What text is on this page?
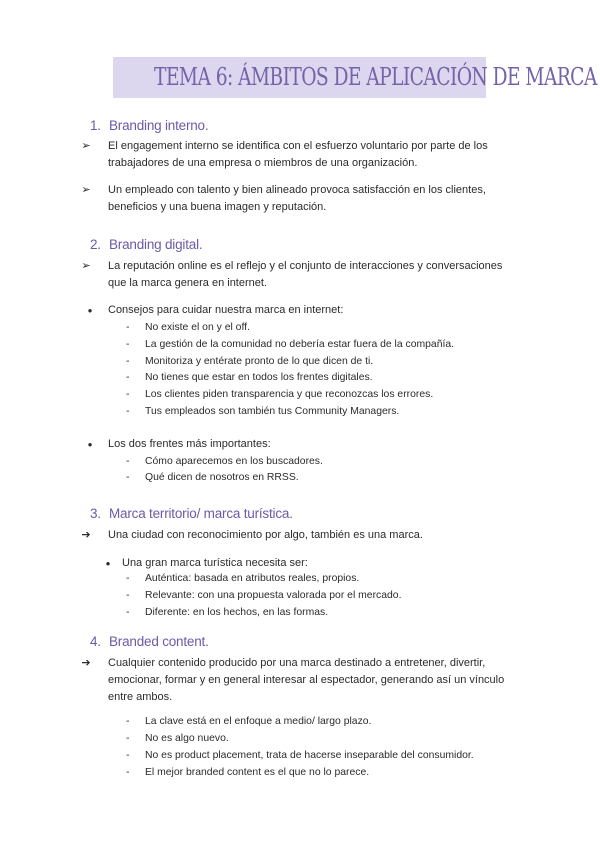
TEMA 6: ÁMBITOS DE APLICACIÓN DE MARCA
1. Branding interno.
➢	El engagement interno se identifica con el esfuerzo voluntario por parte de los
trabajadores de una empresa o miembros de una organización.
➢	Un empleado con talento y bien alineado provoca satisfacción en los clientes,
beneficios y una buena imagen y reputación.
2. Branding digital.
➢	La reputación online es el reflejo y el conjunto de interacciones y conversaciones
que la marca genera en internet.
●	Consejos para cuidar nuestra marca en internet:
- No existe el on y el off.
- La gestión de la comunidad no debería estar fuera de la compañía.
- Monitoriza y entérate pronto de lo que dicen de ti.
- No tienes que estar en todos los frentes digitales.
- Los clientes piden transparencia y que reconozcas los errores.
- Tus empleados son también tus Community Managers.
●	Los dos frentes más importantes:
- Cómo aparecemos en los buscadores.
- Qué dicen de nosotros en RRSS.
3. Marca territorio/ marca turística.
➔	Una ciudad con reconocimiento por algo, también es una marca.
●	Una gran marca turística necesita ser:
- Auténtica: basada en atributos reales, propios.
- Relevante: con una propuesta valorada por el mercado.
- Diferente: en los hechos, en las formas.
4. Branded content.
➔	Cualquier contenido producido por una marca destinado a entretener, divertir,
emocionar, formar y en general interesar al espectador, generando así un vínculo
entre ambos.
- La clave está en el enfoque a medio/ largo plazo.
- No es algo nuevo.
- No es product placement, trata de hacerse inseparable del consumidor.
- El mejor branded content es el que no lo parece.
